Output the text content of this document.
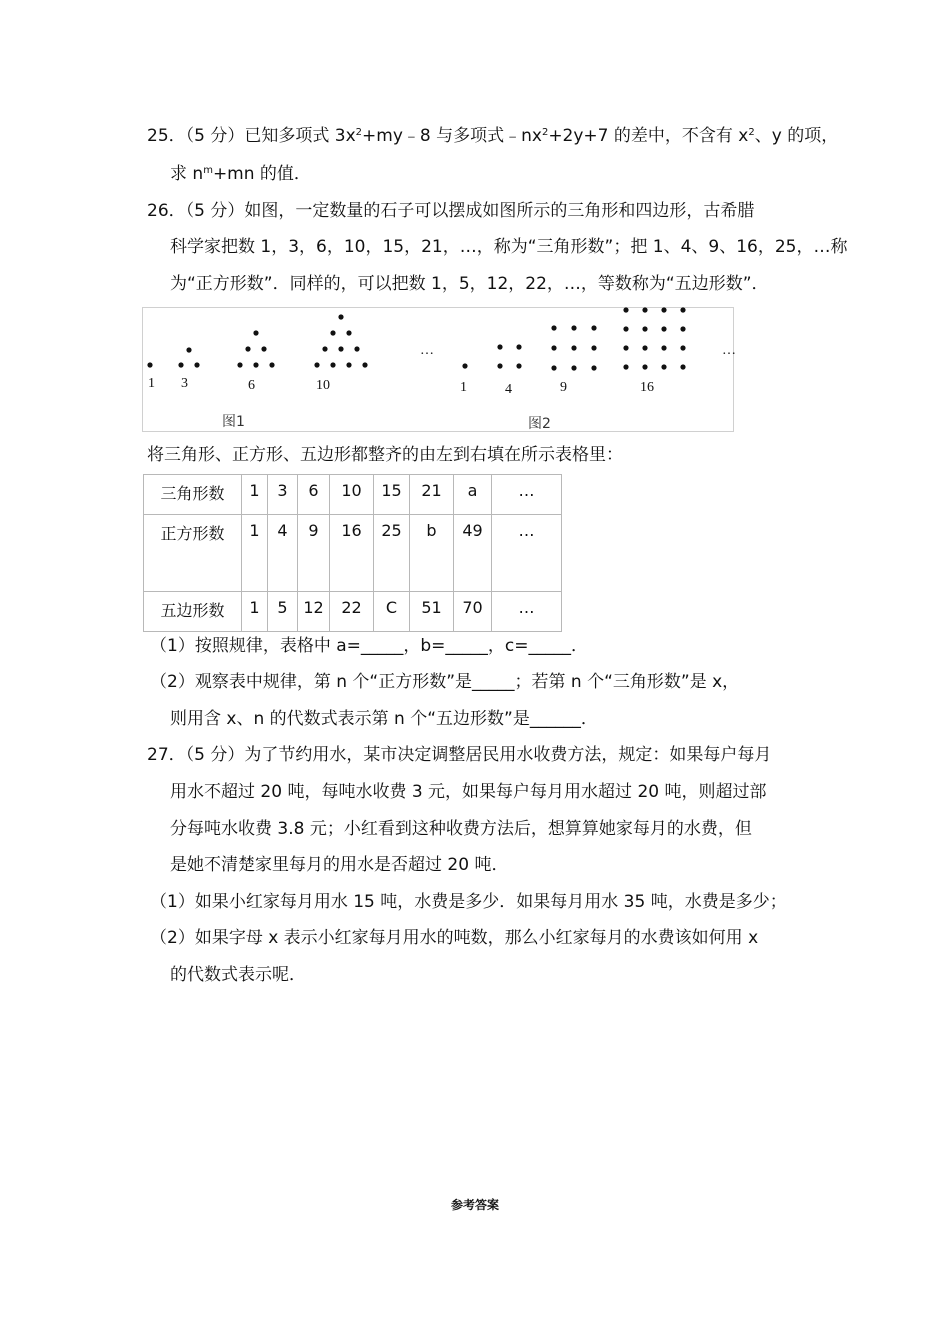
25．（5 分）已知多项式 $3x^2+my﹣8$ 与多项式$﹣nx^2+2y+7$ 的差中，不含有 $x^2$、y 的项，
求 $n^m+mn$ 的值．
26．（5 分）如图，一定数量的石子可以摆成如图所示的三角形和四边形，古希腊
科学家把数 1，3，6，10，15，21，…，称为“三角形数”；把 1、4、9、16，25，…称
为“正方形数”．同样的，可以把数 1，5，12，22，…，等数称为“五边形数”．
1 3	6	10
…
1	4	9	16
…
图1	图2
将三角形、正方形、五边形都整齐的由左到右填在所示表格里：
三角形数	1	3	6	10	15	21	a	…
正方形数	1	4	9	16	25	b	49	…
五边形数	1	5	12	22	C	51	70	…
（1）按照规律，表格中 a=_____，b=_____，c=_____．
（2）观察表中规律，第 n 个“正方形数”是_____；若第 n 个“三角形数”是 x，
则用含 x、n 的代数式表示第 n 个“五边形数”是______．
27．（5 分）为了节约用水，某市决定调整居民用水收费方法，规定：如果每户每月
用水不超过 20 吨，每吨水收费 3 元，如果每户每月用水超过 20 吨，则超过部
分每吨水收费 3.8 元；小红看到这种收费方法后，想算算她家每月的水费，但
是她不清楚家里每月的用水是否超过 20 吨．
（1）如果小红家每月用水 15 吨，水费是多少．如果每月用水 35 吨，水费是多少；
（2）如果字母 x 表示小红家每月用水的吨数，那么小红家每月的水费该如何用 x
的代数式表示呢．
参考答案
